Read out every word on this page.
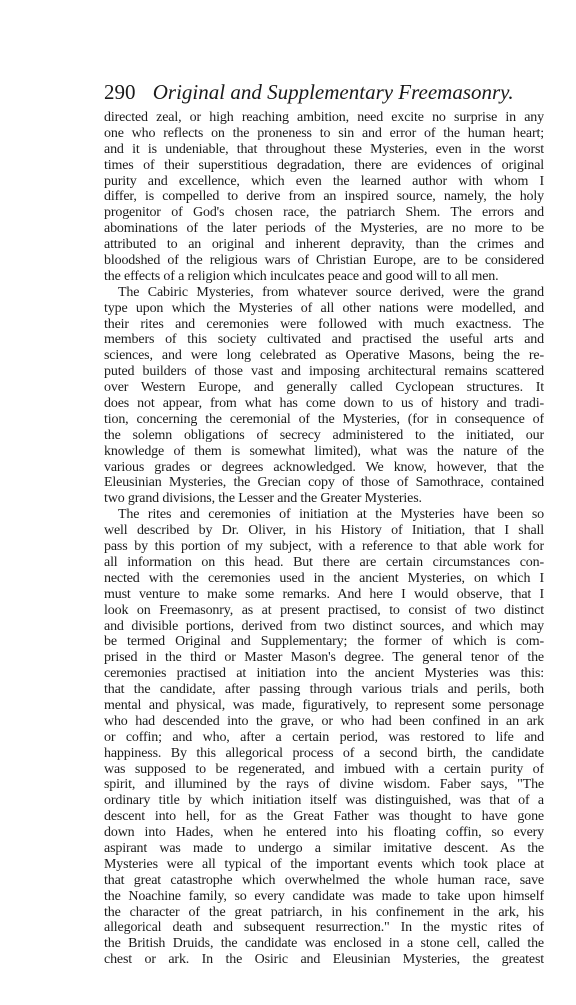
290 Original and Supplementary Freemasonry.
directed zeal, or high reaching ambition, need excite no surprise in any
one who reflects on the proneness to sin and error of the human heart;
and it is undeniable, that throughout these Mysteries, even in the worst
times of their superstitious degradation, there are evidences of original
purity and excellence, which even the learned author with whom I
differ, is compelled to derive from an inspired source, namely, the holy
progenitor of God's chosen race, the patriarch Shem. The errors and
abominations of the later periods of the Mysteries, are no more to be
attributed to an original and inherent depravity, than the crimes and
bloodshed of the religious wars of Christian Europe, are to be considered
the effects of a religion which inculcates peace and good will to all men.
The Cabiric Mysteries, from whatever source derived, were the grand
type upon which the Mysteries of all other nations were modelled, and
their rites and ceremonies were followed with much exactness. The
members of this society cultivated and practised the useful arts and
sciences, and were long celebrated as Operative Masons, being the re-
puted builders of those vast and imposing architectural remains scattered
over Western Europe, and generally called Cyclopean structures. It
does not appear, from what has come down to us of history and tradi-
tion, concerning the ceremonial of the Mysteries, (for in consequence of
the solemn obligations of secrecy administered to the initiated, our
knowledge of them is somewhat limited), what was the nature of the
various grades or degrees acknowledged. We know, however, that the
Eleusinian Mysteries, the Grecian copy of those of Samothrace, contained
two grand divisions, the Lesser and the Greater Mysteries.
The rites and ceremonies of initiation at the Mysteries have been so
well described by Dr. Oliver, in his History of Initiation, that I shall
pass by this portion of my subject, with a reference to that able work for
all information on this head. But there are certain circumstances con-
nected with the ceremonies used in the ancient Mysteries, on which I
must venture to make some remarks. And here I would observe, that I
look on Freemasonry, as at present practised, to consist of two distinct
and divisible portions, derived from two distinct sources, and which may
be termed Original and Supplementary; the former of which is com-
prised in the third or Master Mason's degree. The general tenor of the
ceremonies practised at initiation into the ancient Mysteries was this:
that the candidate, after passing through various trials and perils, both
mental and physical, was made, figuratively, to represent some personage
who had descended into the grave, or who had been confined in an ark
or coffin; and who, after a certain period, was restored to life and
happiness. By this allegorical process of a second birth, the candidate
was supposed to be regenerated, and imbued with a certain purity of
spirit, and illumined by the rays of divine wisdom. Faber says, "The
ordinary title by which initiation itself was distinguished, was that of a
descent into hell, for as the Great Father was thought to have gone
down into Hades, when he entered into his floating coffin, so every
aspirant was made to undergo a similar imitative descent. As the
Mysteries were all typical of the important events which took place at
that great catastrophe which overwhelmed the whole human race, save
the Noachine family, so every candidate was made to take upon himself
the character of the great patriarch, in his confinement in the ark, his
allegorical death and subsequent resurrection." In the mystic rites of
the British Druids, the candidate was enclosed in a stone cell, called the
chest or ark. In the Osiric and Eleusinian Mysteries, the greatest
